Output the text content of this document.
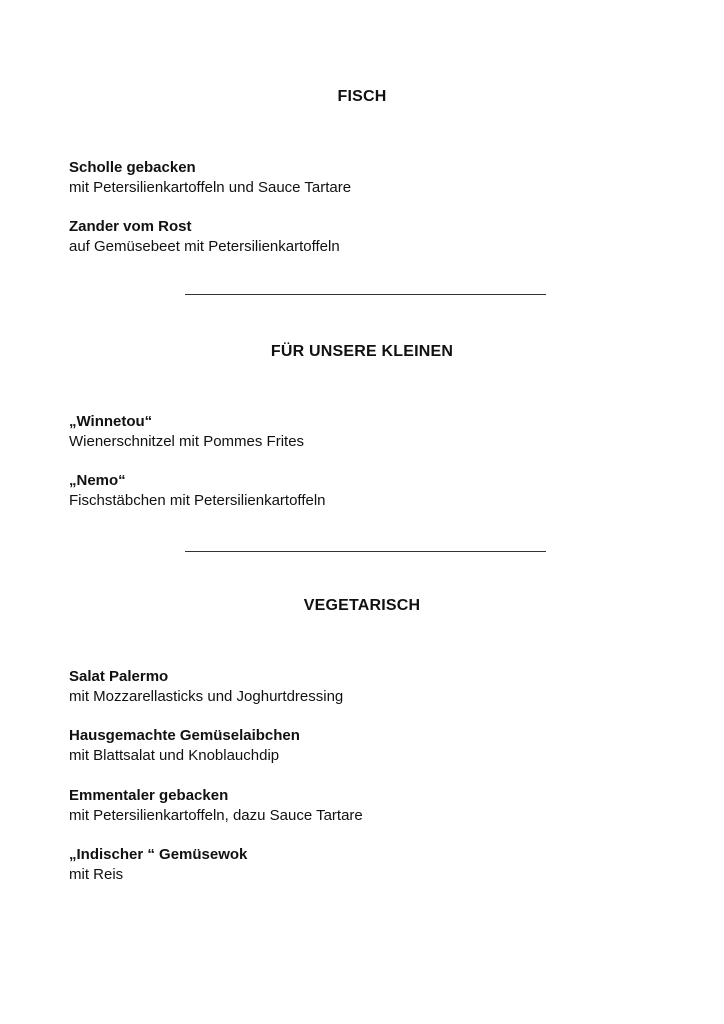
FISCH
Scholle gebacken
mit Petersilienkartoffeln und Sauce Tartare
Zander vom Rost
auf Gemüsebeet mit Petersilienkartoffeln
FÜR UNSERE KLEINEN
„Winnetou“
Wienerschnitzel mit Pommes Frites
„Nemo“
Fischstäbchen mit Petersilienkartoffeln
VEGETARISCH
Salat Palermo
mit Mozzarellasticks und Joghurtdressing
Hausgemachte Gemüselaibchen
mit Blattsalat und Knoblauchdip
Emmentaler gebacken
mit Petersilienkartoffeln, dazu Sauce Tartare
„Indischer “ Gemüsewok
mit Reis
